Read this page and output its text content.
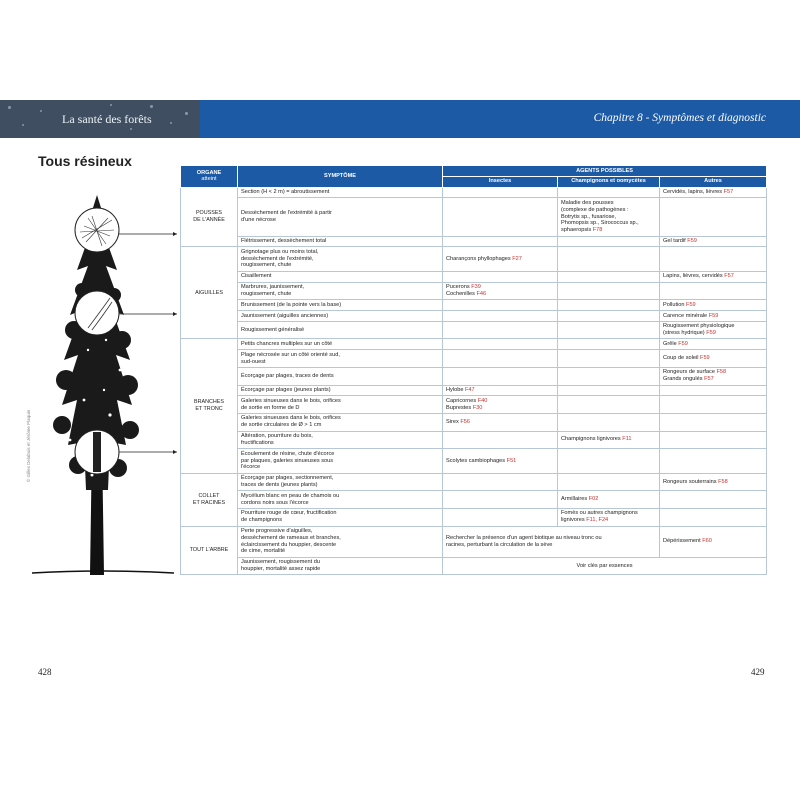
La santé des forêts	Chapitre 8 - Symptômes et diagnostic
Tous résineux
© Gilles Delabuis et Jérôme Plaquin
ORGANE
atteint	SYMPTÔME	AGENTS POSSIBLES		
		Insectes	Champignons et oomycètes	Autres

POUSSES
DE L'ANNÉE	Section (H < 2 m) = abroutissement			Cervidés, lapins, lièvres F57

	Dessèchement de l'extrémité à partir
d'une nécrose		Maladie des pousses
(complexe de pathogènes :
Botrytis sp., fusariose,
Phomopsis sp., Sirococcus sp.,
sphaeropsis F78	

	Flétrissement, dessèchement total			Gel tardif F59

AIGUILLES	Grignotage plus ou moins total,
dessèchement de l'extrémité,
rougissement, chute	Charançons phyllophages F27		

	Cisaillement			Lapins, lièvres, cervidés F57

	Marbrures, jaunissement,
rougissement, chute	Pucerons F39
Cochenilles F46		

	Brunissement (de la pointe vers la base)			Pollution F59

	Jaunissement (aiguilles anciennes)			Carence minérale F59

	Rougissement généralisé			Rougissement physiologique
(stress hydrique) F59

BRANCHES
ET TRONC	Petits chancres multiples sur un côté			Grêle F59

	Plage nécrosée sur un côté orienté sud,
sud-ouest			Coup de soleil F59

	Écorçage par plages, traces de dents			Rongeurs de surface F58
Grands ongulés F57

	Écorçage par plages (jeunes plants)	Hylobe F47		

	Galeries sinueuses dans le bois, orifices
de sortie en forme de D	Capricornes F40
Buprestes F30		

	Galeries sinueuses dans le bois, orifices
de sortie circulaires de Ø > 1 cm	Sirex F56		

	Altération, pourriture du bois,
fructifications		Champignons lignivores F11	

	Écoulement de résine, chute d'écorce
par plaques, galeries sinueuses sous
l'écorce	Scolytes cambiophages F51		

COLLET
ET RACINES	Écorçage par plages, sectionnement,
traces de dents (jeunes plants)			Rongeurs souterrains F58

	Mycélium blanc en peau de chamois ou
cordons noirs sous l'écorce		Armillaires F02	

	Pourriture rouge de cœur, fructification
de champignons		Fomès ou autres champignons
lignivores F11, F24	

TOUT L'ARBRE	Perte progressive d'aiguilles,
dessèchement de rameaux et branches,
éclaircissement du houppier, descente
de cime, mortalité	Rechercher la présence d'un agent biotique au niveau tronc ou
racines, perturbant la circulation de la sève		Dépérissement F60

	Jaunissement, rougissement du
houppier, mortalité assez rapide	Voir clés par essences		
428	429
